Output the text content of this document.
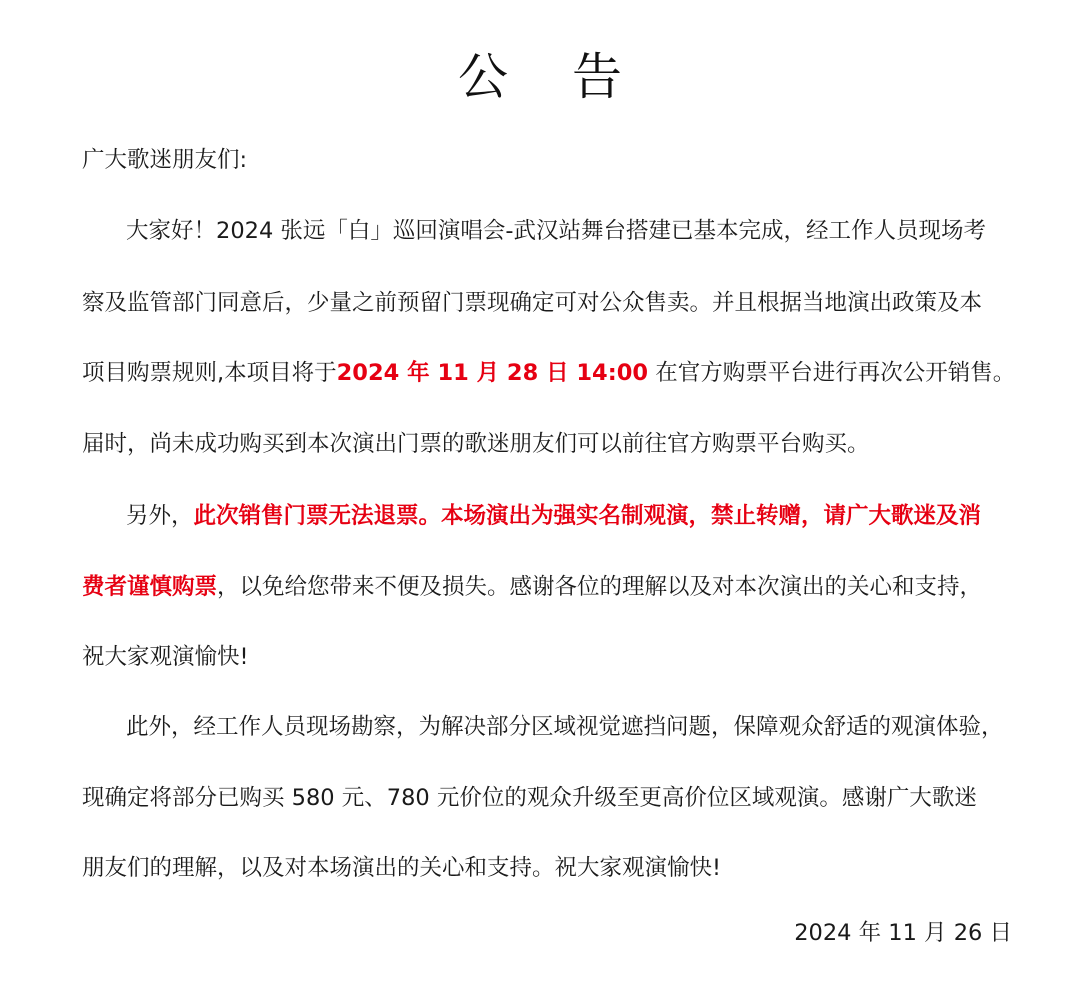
公 告
广大歌迷朋友们:
大家好！2024 张远「白」巡回演唱会-武汉站舞台搭建已基本完成，经工作人员现场考
察及监管部门同意后，少量之前预留门票现确定可对公众售卖。并且根据当地演出政策及本
项目购票规则,本项目将于2024 年 11 月 28 日 14:00 在官方购票平台进行再次公开销售。
届时，尚未成功购买到本次演出门票的歌迷朋友们可以前往官方购票平台购买。
另外，此次销售门票无法退票。本场演出为强实名制观演，禁止转赠，请广大歌迷及消
费者谨慎购票，以免给您带来不便及损失。感谢各位的理解以及对本次演出的关心和支持，
祝大家观演愉快!
此外，经工作人员现场勘察，为解决部分区域视觉遮挡问题，保障观众舒适的观演体验，
现确定将部分已购买 580 元、780 元价位的观众升级至更高价位区域观演。感谢广大歌迷
朋友们的理解，以及对本场演出的关心和支持。祝大家观演愉快!
2024 年 11 月 26 日
